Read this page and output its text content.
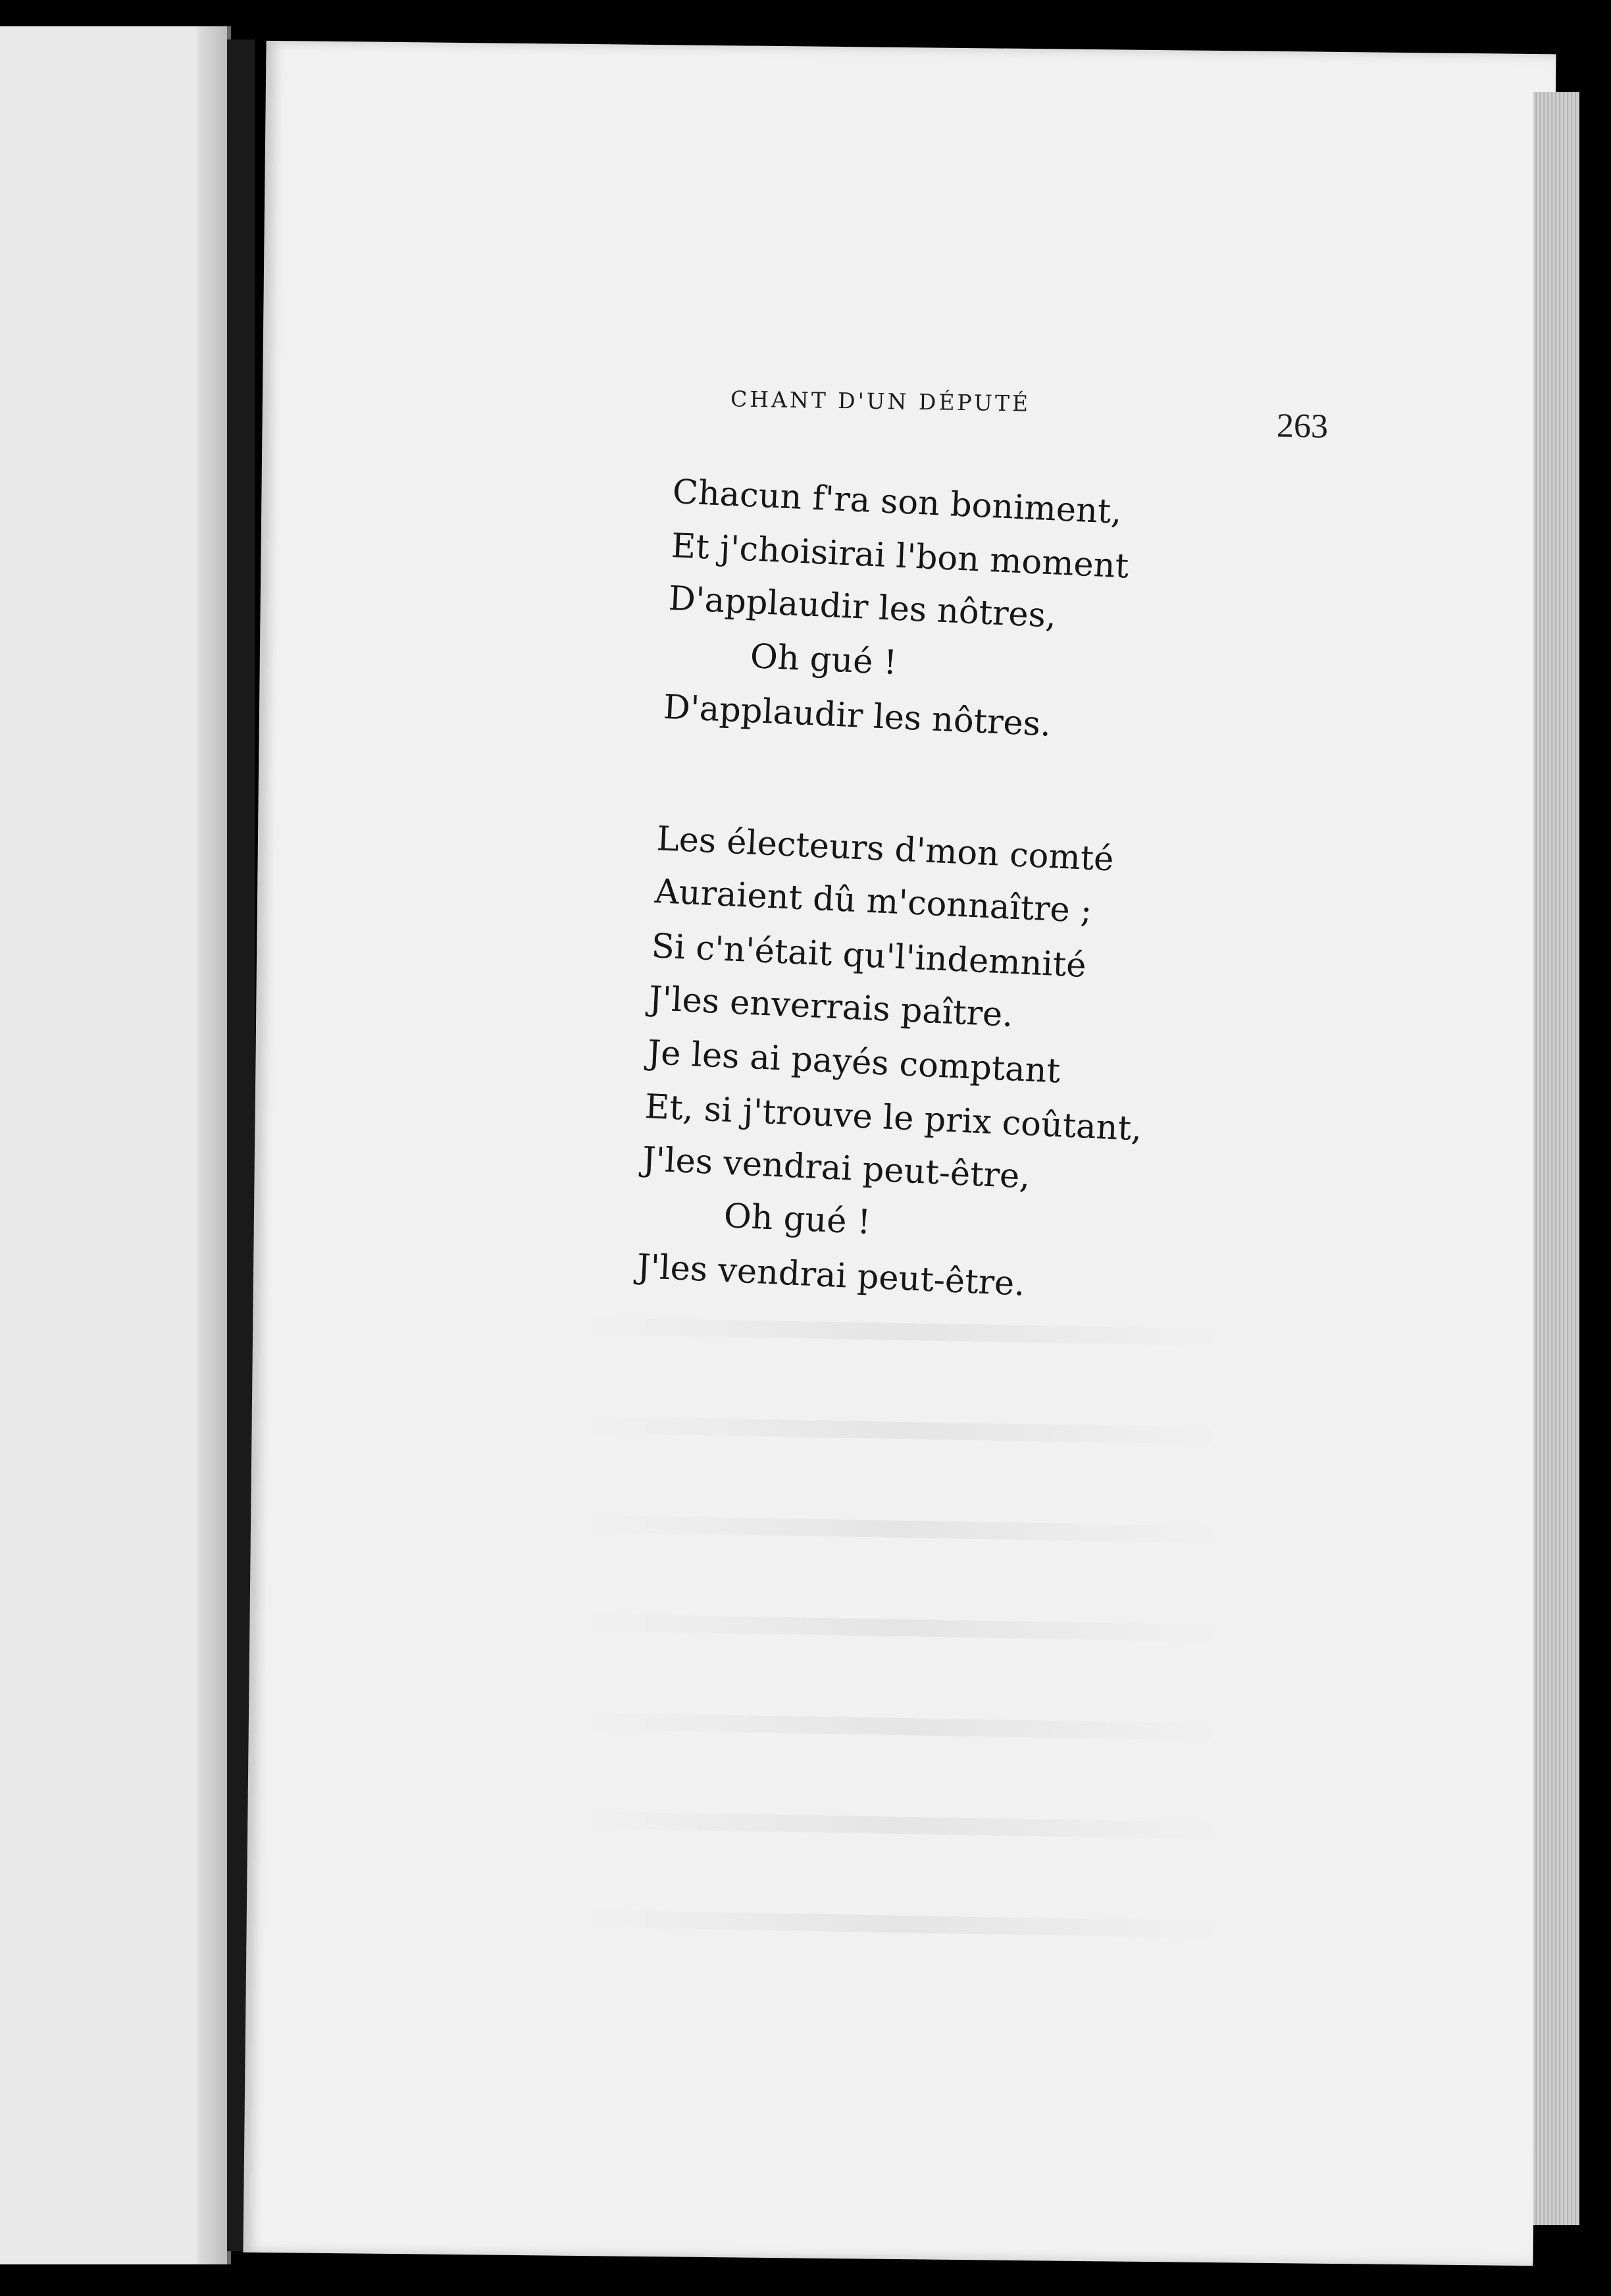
CHANT D'UN DÉPUTÉ
263
Chacun f'ra son boniment,
Et j'choisirai l'bon moment
D'applaudir les nôtres,
Oh gué !
D'applaudir les nôtres.
Les électeurs d'mon comté
Auraient dû m'connaître ;
Si c'n'était qu'l'indemnité
J'les enverrais paître.
Je les ai payés comptant
Et, si j'trouve le prix coûtant,
J'les vendrai peut-être,
Oh gué !
J'les vendrai peut-être.
